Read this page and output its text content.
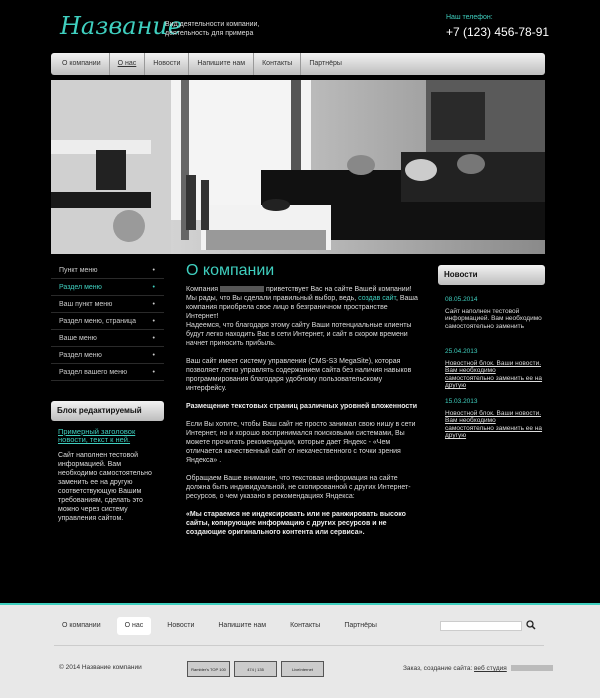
Название
Вид деятельности компании, деятельность для примера
Наш телефон:
+7 (123) 456-78-91
О компании	О нас	Новости	Напишите нам	Контакты	Партнёры
Пункт меню	•
Раздел меню	•
Ваш пункт меню	•
Раздел меню, страница •
Ваше меню	•
Раздел меню	•
Раздел вашего меню	•
Блок редактируемый
Примерный заголовок новости, текст к ней.
Сайт наполнен тестовой информацией. Вам необходимо самостоятельно заменить ее на другую соответствующую Вашим требованиям, сделать это можно через систему управления сайтом.
О компании

Компания	приветствует Вас на сайте Вашей компании! Мы рады, что Вы сделали правильный выбор, ведь, создав сайт, Ваша компания приобрела свое лицо в безграничном пространстве Интернет!
Надеемся, что благодаря этому сайту Ваши потенциальные клиенты будут легко находить Вас в сети Интернет, и сайт в скором времени начнет приносить прибыль.

Ваш сайт имеет систему управления (CMS-S3 MegaSite), которая позволяет легко управлять содержанием сайта без наличия навыков программирования благодаря удобному пользовательскому интерфейсу.

Размещение текстовых страниц различных уровней вложенности

Если Вы хотите, чтобы Ваш сайт не просто занимал свою нишу в сети Интернет, но и хорошо воспринимался поисковыми системами, Вы можете прочитать рекомендации, которые дает Яндекс - «Чем отличается качественный сайт от некачественного с точки зрения Яндекса» .

Обращаем Ваше внимание, что текстовая информация на сайте должна быть индивидуальной, не скопированной с других Интернет-ресурсов, о чем указано в рекомендациях Яндекса:

«Мы стараемся не индексировать или не ранжировать высоко сайты, копирующие информацию с других ресурсов и не создающие оригинального контента или сервиса».

Новости
08.05.2014
Сайт наполнен тестовой информацией. Вам необходимо самостоятельно заменить
25.04.2013
Новостной блок. Ваши новости. Вам необходимо самостоятельно заменить ее на другую
15.03.2013
Новостной блок. Ваши новости. Вам необходимо самостоятельно заменить ее на другую
О компании	О нас	Новости	Напишите нам	Контакты	Партнёры
© 2014 Название компании	Rambler's TOP 100	474 | 135	LiveInternet	Заказ, создание сайта: веб студия
